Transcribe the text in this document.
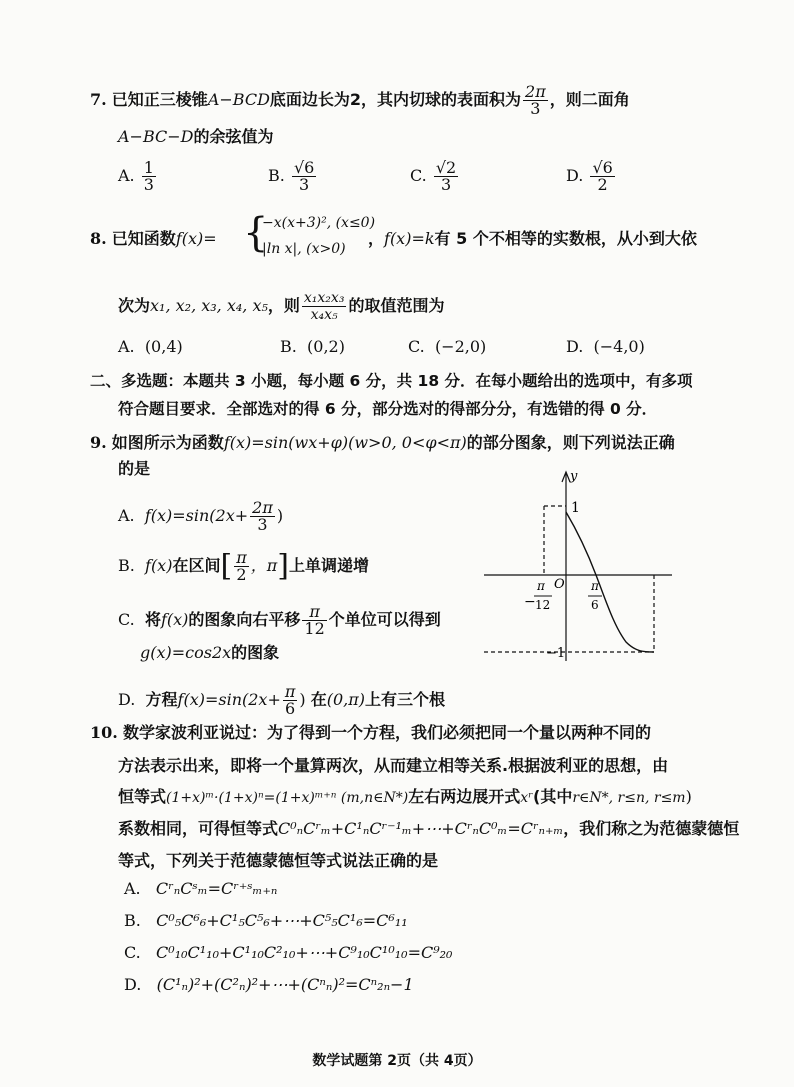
7. 已知正三棱锥A−BCD底面边长为2，其内切球的表面积为 $\frac{2\pi}{3}$ ，则二面角
A−BC−D的余弦值为
A. $\frac{1}{3}$	B. $\frac{√6}{3}$	C. $\frac{√2}{3}$	D. $\frac{√6}{2}$
8. 已知函数f(x)= {
−x(x+3)², (x≤0)
|ln x|, (x>0)
，f(x)=k有 5 个不相等的实数根，从小到大依
次为x₁, x₂, x₃, x₄, x₅，则 $\frac{\text{x₁x₂x₃}}{\text{x₄x₅}}$ 的取值范围为
A. (0,4)	B. (0,2)	C. (−2,0)	D. (−4,0)
二、多选题：本题共 3 小题，每小题 6 分，共 18 分．在每小题给出的选项中，有多项
符合题目要求．全部选对的得 6 分，部分选对的得部分分，有选错的得 0 分．
9. 如图所示为函数f(x)=sin(wx+φ)(w>0, 0<φ<π)的部分图象，则下列说法正确
的是
A. $f(x)=\sin(2x+ \frac{2\pi}{3}$ )
B. f(x)在区间[ $\frac{\pi}{2}$ ，π]上单调递增
C. 将f(x)的图象向右平移 $\frac{\pi}{12}$ 个单位可以得到
g(x)=cos2x的图象
D. 方程$f(x)=\sin(2x+ \frac{\pi}{6}$ ) 在(0,π)上有三个根
y
1
O
−
π
12
π
6
−1
10. 数学家波利亚说过：为了得到一个方程，我们必须把同一个量以两种不同的
方法表示出来，即将一个量算两次，从而建立相等关系.根据波利亚的思想，由
恒等式(1+x)ᵐ·(1+x)ⁿ=(1+x)ᵐ⁺ⁿ (m,n∈N*)左右两边展开式xʳ(其中r∈N*, r≤n, r≤m)
系数相同，可得恒等式C⁰ₙCʳₘ+C¹ₙCʳ⁻¹ₘ+⋯+CʳₙC⁰ₘ=Cʳₙ₊ₘ，我们称之为范德蒙德恒
等式，下列关于范德蒙德恒等式说法正确的是
A. CʳₙCˢₘ=Cʳ⁺ˢₘ₊ₙ
B. C⁰₅C⁶₆+C¹₅C⁵₆+⋯+C⁵₅C¹₆=C⁶₁₁
C. C⁰₁₀C¹₁₀+C¹₁₀C²₁₀+⋯+C⁹₁₀C¹⁰₁₀=C⁹₂₀
D. (C¹ₙ)²+(C²ₙ)²+⋯+(Cⁿₙ)²=Cⁿ₂ₙ−1
数学试题第 2页（共 4页）
